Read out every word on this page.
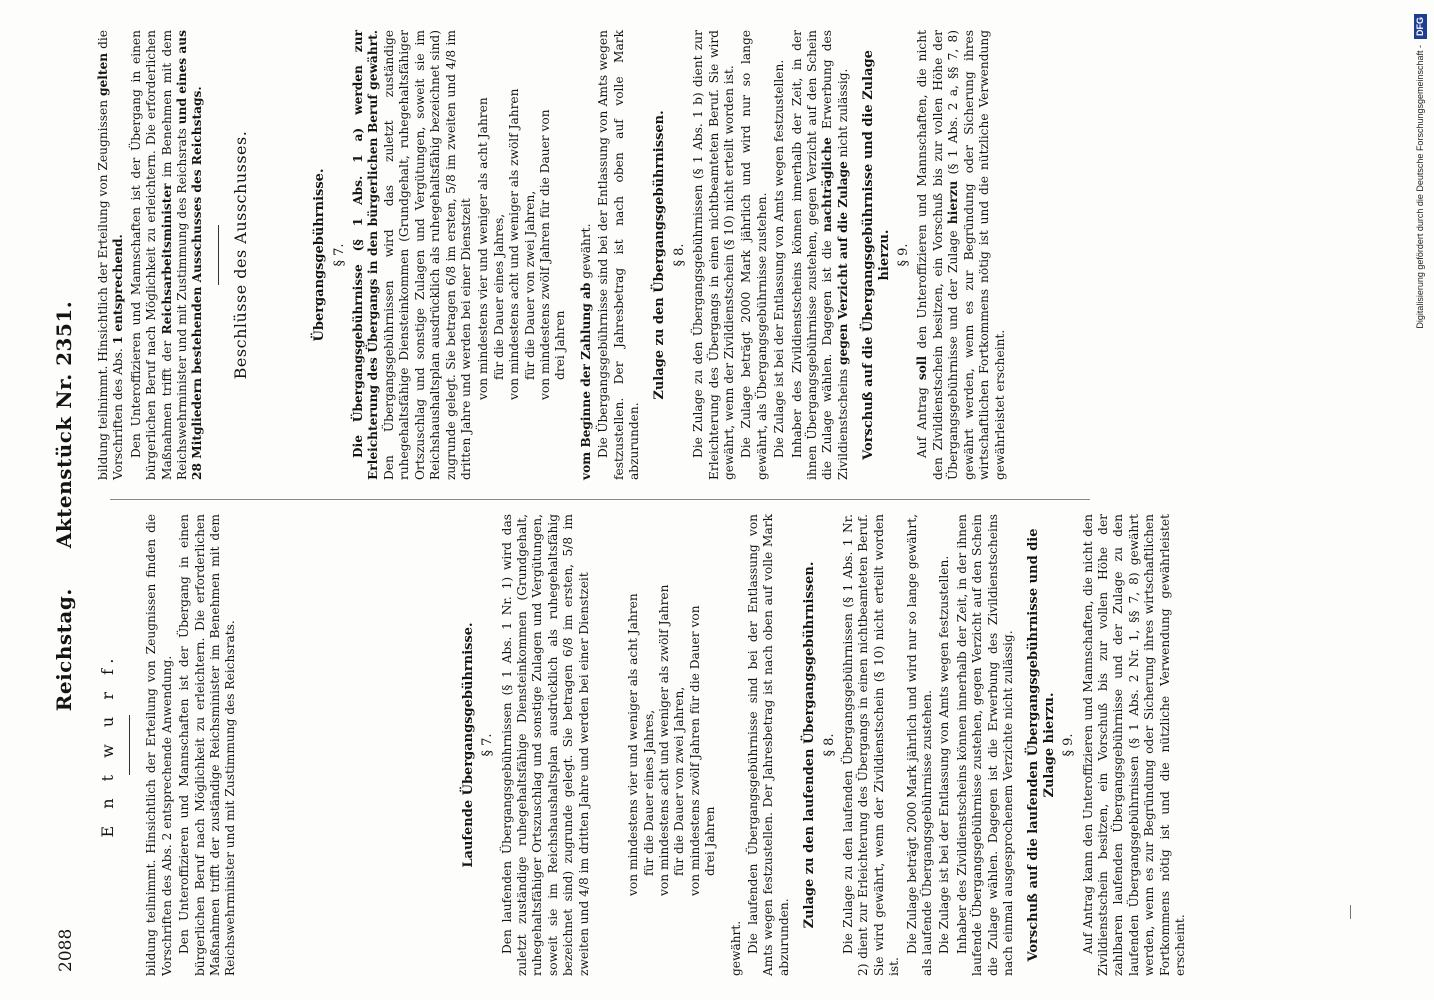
2088
Reichstag.Aktenstück Nr. 2351.
E n t w u r f. bildung teilnimmt. Hinsichtlich der Erteilung von Zeugnissen finden die Vorschriften des Abs. 2 entsprechende Anwendung. Den Unteroffizieren und Mannschaften ist der Übergang in einen bürgerlichen Beruf nach Möglichkeit zu erleichtern. Die erforderlichen Maßnahmen trifft der zuständige Reichsminister im Benehmen mit dem Reichswehrminister und mit Zustimmung des Reichsrats.	Laufende Übergangsgebührnisse. § 7. Den laufenden Übergangsgebührnissen (§ 1 Abs. 1 Nr. 1) wird das zuletzt zuständige ruhegehaltsfähige Diensteinkommen (Grundgehalt, ruhegehaltsfähiger Ortszuschlag und sonstige Zulagen und Vergütungen, soweit sie im Reichshaushaltsplan ausdrücklich als ruhegehaltsfähig bezeichnet sind) zugrunde gelegt. Sie betragen 6/8 im ersten, 5/8 im zweiten und 4/8 im dritten Jahre und werden bei einer Dienstzeit	von mindestens vier und weniger als acht Jahren für die Dauer eines Jahres, von mindestens acht und weniger als zwölf Jahren für die Dauer von zwei Jahren, von mindestens zwölf Jahren für die Dauer von drei Jahren

gewährt. Die laufenden Übergangsgebührnisse sind bei der Entlassung von Amts wegen festzustellen. Der Jahresbetrag ist nach oben auf volle Mark abzurunden.

Zulage zu den laufenden Übergangsgebührnissen. § 8. Die Zulage zu den laufenden Übergangsgebührnissen (§ 1 Abs. 1 Nr. 2) dient zur Erleichterung des Übergangs in einen nichtbeamteten Beruf. Sie wird gewährt, wenn der Zivildienstschein (§ 10) nicht erteilt worden ist.

Die Zulage beträgt 2000 Mark jährlich und wird nur so lange gewährt, als laufende Übergangsgebührnisse zustehen. Die Zulage ist bei der Entlassung von Amts wegen festzustellen. Inhaber des Zivildienstscheins können innerhalb der Zeit, in der ihnen laufende Übergangsgebührnisse zustehen, gegen Verzicht auf den Schein die Zulage wählen. Dagegen ist die Erwerbung des Zivildienstscheins nach einmal ausgesprochenem Verzichte nicht zulässig. Vorschuß auf die laufenden Übergangsgebührnisse und die Zulage hierzu. § 9. Auf Antrag kann den Unteroffizieren und Mannschaften, die nicht den Zivildienstschein besitzen, ein Vorschuß bis zur vollen Höhe der zahlbaren laufenden Übergangsgebührnisse und der Zulage zu den laufenden Übergangsgebührnissen (§ 1 Abs. 2 Nr. 1, §§ 7, 8) gewährt werden, wenn es zur Begründung oder Sicherung ihres wirtschaftlichen Fortkommens nötig ist und die nützliche Verwendung gewährleistet erscheint.

bildung teilnimmt. Hinsichtlich der Erteilung von Zeugnissen gelten die Vorschriften des Abs. 1 entsprechend. Den Unteroffizieren und Mannschaften ist der Übergang in einen bürgerlichen Beruf nach Möglichkeit zu erleichtern. Die erforderlichen Maßnahmen trifft der Reichsarbeitsminister im Benehmen mit dem Reichswehrminister und mit Zustimmung des Reichsrats und eines aus 28 Mitgliedern bestehenden Ausschusses des Reichstags. Beschlüsse des Ausschusses.	Übergangsgebührnisse. § 7. Die Übergangsgebührnisse (§ 1 Abs. 1 a) werden zur Erleichterung des Übergangs in den bürgerlichen Beruf gewährt. Den Übergangsgebührnissen wird das zuletzt zuständige ruhegehaltsfähige Diensteinkommen (Grundgehalt, ruhegehaltsfähiger Ortszuschlag und sonstige Zulagen und Vergütungen, soweit sie im Reichshaushaltsplan ausdrücklich als ruhegehaltsfähig bezeichnet sind) zugrunde gelegt. Sie betragen 6/8 im ersten, 5/8 im zweiten und 4/8 im dritten Jahre und werden bei einer Dienstzeit von mindestens vier und weniger als acht Jahren für die Dauer eines Jahres, von mindestens acht und weniger als zwölf Jahren für die Dauer von zwei Jahren, von mindestens zwölf Jahren für die Dauer von drei Jahren vom Beginne der Zahlung ab gewährt. Die Übergangsgebührnisse sind bei der Entlassung von Amts wegen festzustellen. Der Jahresbetrag ist nach oben auf volle Mark abzurunden.

Zulage zu den Übergangsgebührnissen. § 8. Die Zulage zu den Übergangsgebührnissen (§ 1 Abs. 1 b) dient zur Erleichterung des Übergangs in einen nichtbeamteten Beruf. Sie wird gewährt, wenn der Zivildienstschein (§ 10) nicht erteilt worden ist. Die Zulage beträgt 2000 Mark jährlich und wird nur so lange gewährt, als Übergangsgebührnisse zustehen. Die Zulage ist bei der Entlassung von Amts wegen festzustellen. Inhaber des Zivildienstscheins können innerhalb der Zeit, in der ihnen Übergangsgebührnisse zustehen, gegen Verzicht auf den Schein die Zulage wählen. Dagegen ist die nachträgliche Erwerbung des Zivildienstscheins gegen Verzicht auf die Zulage nicht zulässig. Vorschuß auf die Übergangsgebührnisse und die Zulage hierzu. § 9.

Auf Antrag soll den Unteroffizieren und Mannschaften, die nicht den Zivildienstschein besitzen, ein Vorschuß bis zur vollen Höhe der Übergangsgebührnisse und der Zulage hierzu (§ 1 Abs. 2 a, §§ 7, 8) gewährt werden, wenn es zur Begründung oder Sicherung ihres wirtschaftlichen Fortkommens nötig ist und die nützliche Verwendung gewährleistet erscheint.

Digitalisierung gefördert durch die Deutsche Forschungsgemeinschaft -DFG
